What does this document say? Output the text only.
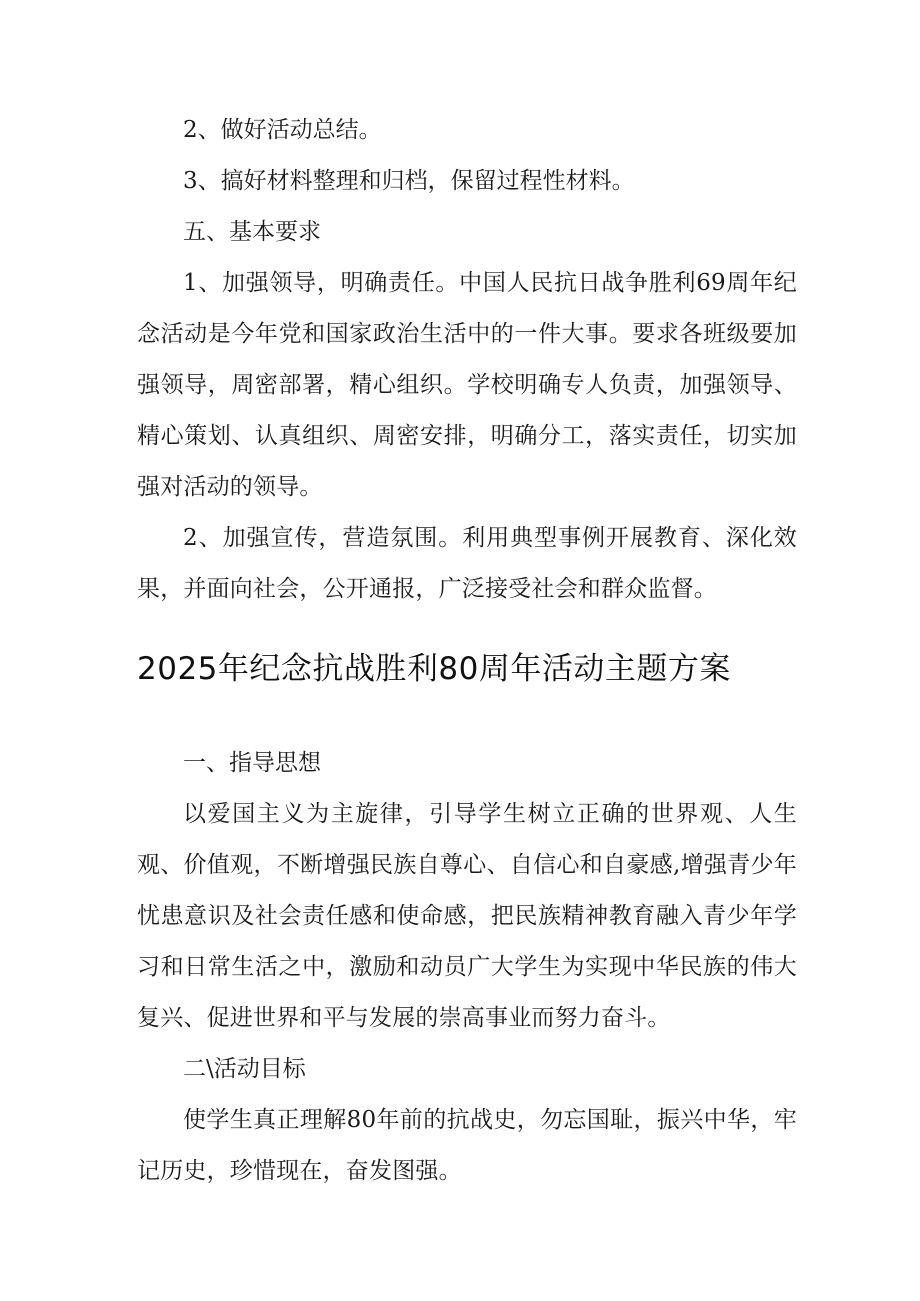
2、做好活动总结。

3、搞好材料整理和归档，保留过程性材料。

五、基本要求

1、加强领导，明确责任。中国人民抗日战争胜利69周年纪念活动是今年党和国家政治生活中的一件大事。要求各班级要加强领导，周密部署，精心组织。学校明确专人负责，加强领导、精心策划、认真组织、周密安排，明确分工，落实责任，切实加强对活动的领导。

2、加强宣传，营造氛围。利用典型事例开展教育、深化效果，并面向社会，公开通报，广泛接受社会和群众监督。

2025年纪念抗战胜利80周年活动主题方案

一、指导思想

以爱国主义为主旋律，引导学生树立正确的世界观、人生观、价值观，不断增强民族自尊心、自信心和自豪感,增强青少年忧患意识及社会责任感和使命感，把民族精神教育融入青少年学习和日常生活之中，激励和动员广大学生为实现中华民族的伟大复兴、促进世界和平与发展的崇高事业而努力奋斗。

二\活动目标

使学生真正理解80年前的抗战史，勿忘国耻，振兴中华，牢记历史，珍惜现在，奋发图强。
